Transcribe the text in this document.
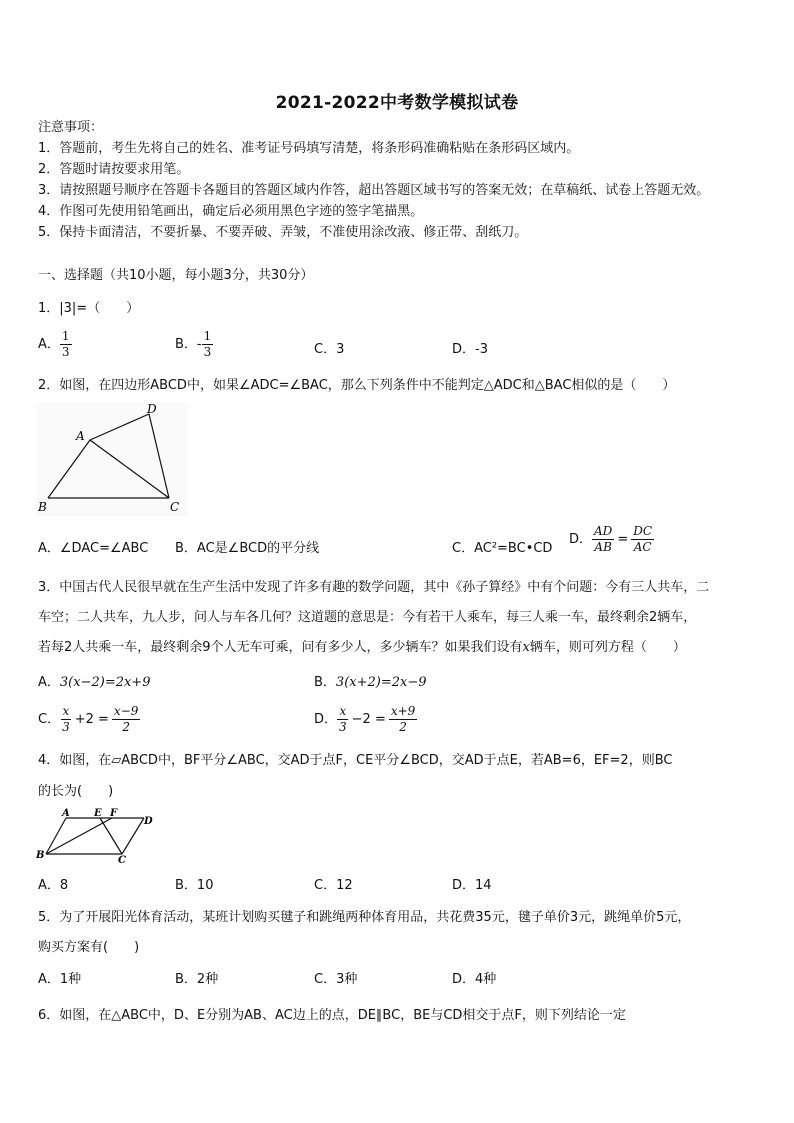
2021-2022中考数学模拟试卷
注意事项：
1．答题前，考生先将自己的姓名、准考证号码填写清楚，将条形码准确粘贴在条形码区域内。
2．答题时请按要求用笔。
3．请按照题号顺序在答题卡各题目的答题区域内作答，超出答题区域书写的答案无效；在草稿纸、试卷上答题无效。
4．作图可先使用铅笔画出，确定后必须用黑色字迹的签字笔描黑。
5．保持卡面清洁，不要折暴、不要弄破、弄皱，不准使用涂改液、修正带、刮纸刀。
一、选择题（共10小题，每小题3分，共30分）
1．|3|=（　　）
A． $\frac{1}{3}$	B．- $\frac{1}{3}$	C．3	D．-3
2．如图，在四边形ABCD中，如果∠ADC=∠BAC，那么下列条件中不能判定△ADC和△BAC相似的是（　　）
A
D
B	C
A．∠DAC=∠ABC B．AC是∠BCD的平分线	C．AC²=BC•CD
D． $\frac{AD}{AB} = \frac{DC}{AC}$
3．中国古代人民很早就在生产生活中发现了许多有趣的数学问题，其中《孙子算经》中有个问题：今有三人共车，二
车空；二人共车，九人步，问人与车各几何？这道题的意思是：今有若干人乘车，每三人乘一车，最终剩余2辆车，
若每2人共乘一车，最终剩余9个人无车可乘，问有多少人，多少辆车？如果我们设有x辆车，则可列方程（　　）
A．3(x−2)=2x+9	B．3(x+2)=2x−9
C． $\frac{x}{3} +2 = \frac{x-9}{2}$	D． $\frac{x}{3} -2 = \frac{x+9}{2}$
4．如图，在▱ABCD中，BF平分∠ABC，交AD于点F，CE平分∠BCD，交AD于点E，若AB=6，EF=2，则BC
的长为(　　)
A E F
D
B	C
A．8	B．10	C．12	D．14
5．为了开展阳光体育活动，某班计划购买毽子和跳绳两种体育用品，共花费35元，毽子单价3元，跳绳单价5元，
购买方案有(　　)
A．1种	B．2种	C．3种	D．4种
6．如图，在△ABC中，D、E分别为AB、AC边上的点，DE∥BC，BE与CD相交于点F，则下列结论一定
